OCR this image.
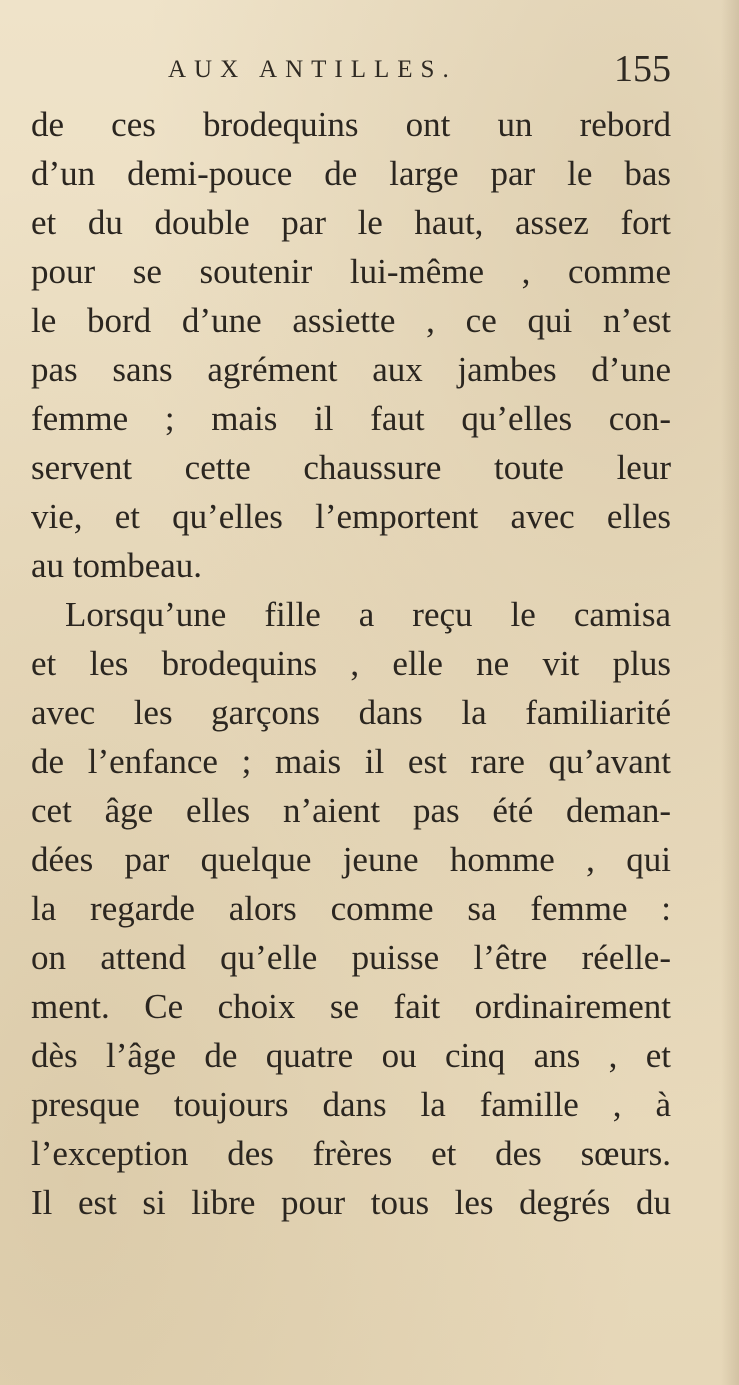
AUX ANTILLES.	155
de ces brodequins ont un rebord
d’un demi-pouce de large par le bas
et du double par le haut, assez fort
pour se soutenir lui-même , comme
le bord d’une assiette , ce qui n’est
pas sans agrément aux jambes d’une
femme ; mais il faut qu’elles con-
servent cette chaussure toute leur
vie, et qu’elles l’emportent avec elles
au tombeau.
Lorsqu’une fille a reçu le camisa
et les brodequins , elle ne vit plus
avec les garçons dans la familiarité
de l’enfance ; mais il est rare qu’avant
cet âge elles n’aient pas été deman-
dées par quelque jeune homme , qui
la regarde alors comme sa femme :
on attend qu’elle puisse l’être réelle-
ment. Ce choix se fait ordinairement
dès l’âge de quatre ou cinq ans , et
presque toujours dans la famille , à
l’exception des frères et des sœurs.
Il est si libre pour tous les degrés du
